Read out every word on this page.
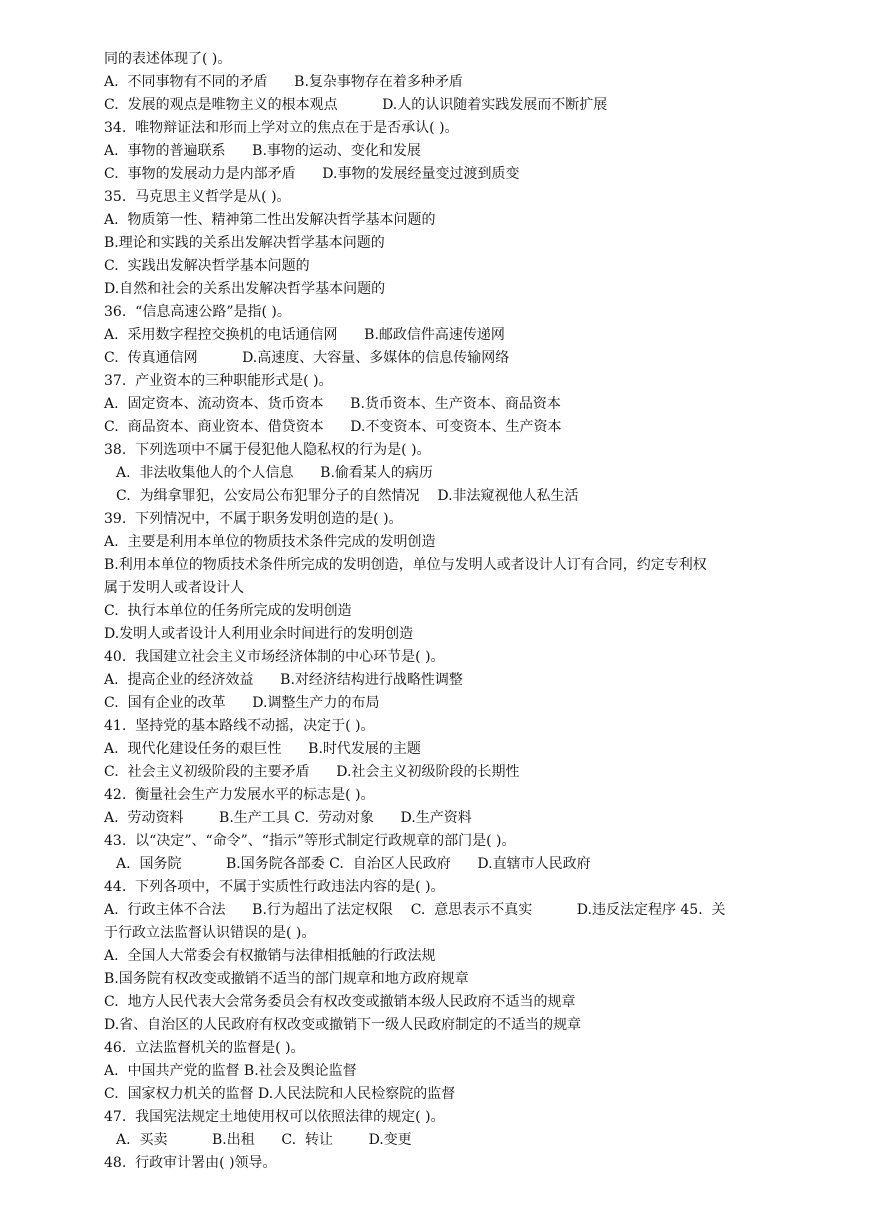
同的表述体现了( )。
A.  不同事物有不同的矛盾      B.复杂事物存在着多种矛盾
C.  发展的观点是唯物主义的根本观点          D.人的认识随着实践发展而不断扩展
34.  唯物辩证法和形而上学对立的焦点在于是否承认( )。
A.  事物的普遍联系      B.事物的运动、变化和发展
C.  事物的发展动力是内部矛盾      D.事物的发展经量变过渡到质变
35.  马克思主义哲学是从( )。
A.  物质第一性、精神第二性出发解决哲学基本问题的
B.理论和实践的关系出发解决哲学基本问题的
C.  实践出发解决哲学基本问题的
D.自然和社会的关系出发解决哲学基本问题的
36.  “信息高速公路”是指( )。
A.  采用数字程控交换机的电话通信网      B.邮政信件高速传递网
C.  传真通信网          D.高速度、大容量、多媒体的信息传输网络
37.  产业资本的三种职能形式是( )。
A.  固定资本、流动资本、货币资本      B.货币资本、生产资本、商品资本
C.  商品资本、商业资本、借贷资本      D.不变资本、可变资本、生产资本
38.  下列选项中不属于侵犯他人隐私权的行为是( )。
A.  非法收集他人的个人信息      B.偷看某人的病历
C.  为缉拿罪犯，公安局公布犯罪分子的自然情况    D.非法窥视他人私生活
39.  下列情况中，不属于职务发明创造的是( )。
A.  主要是利用本单位的物质技术条件完成的发明创造
B.利用本单位的物质技术条件所完成的发明创造，单位与发明人或者设计人订有合同，约定专利权
属于发明人或者设计人
C.  执行本单位的任务所完成的发明创造
D.发明人或者设计人利用业余时间进行的发明创造
40.  我国建立社会主义市场经济体制的中心环节是( )。
A.  提高企业的经济效益      B.对经济结构进行战略性调整
C.  国有企业的改革      D.调整生产力的布局
41.  坚持党的基本路线不动摇，决定于( )。
A.  现代化建设任务的艰巨性      B.时代发展的主题
C.  社会主义初级阶段的主要矛盾      D.社会主义初级阶段的长期性
42.  衡量社会生产力发展水平的标志是( )。
A.  劳动资料        B.生产工具 C.  劳动对象      D.生产资料
43.  以“决定”、“命令”、“指示”等形式制定行政规章的部门是( )。
A.  国务院          B.国务院各部委 C.  自治区人民政府      D.直辖市人民政府
44.  下列各项中，不属于实质性行政违法内容的是( )。
A.  行政主体不合法      B.行为超出了法定权限    C.  意思表示不真实          D.违反法定程序 45.  关
于行政立法监督认识错误的是( )。
A.  全国人大常委会有权撤销与法律相抵触的行政法规
B.国务院有权改变或撤销不适当的部门规章和地方政府规章
C.  地方人民代表大会常务委员会有权改变或撤销本级人民政府不适当的规章
D.省、自治区的人民政府有权改变或撤销下一级人民政府制定的不适当的规章
46.  立法监督机关的监督是( )。
A.  中国共产党的监督 B.社会及舆论监督
C.  国家权力机关的监督 D.人民法院和人民检察院的监督
47.  我国宪法规定土地使用权可以依照法律的规定( )。
A.  买卖          B.出租      C.  转让        D.变更
48.  行政审计署由( )领导。
